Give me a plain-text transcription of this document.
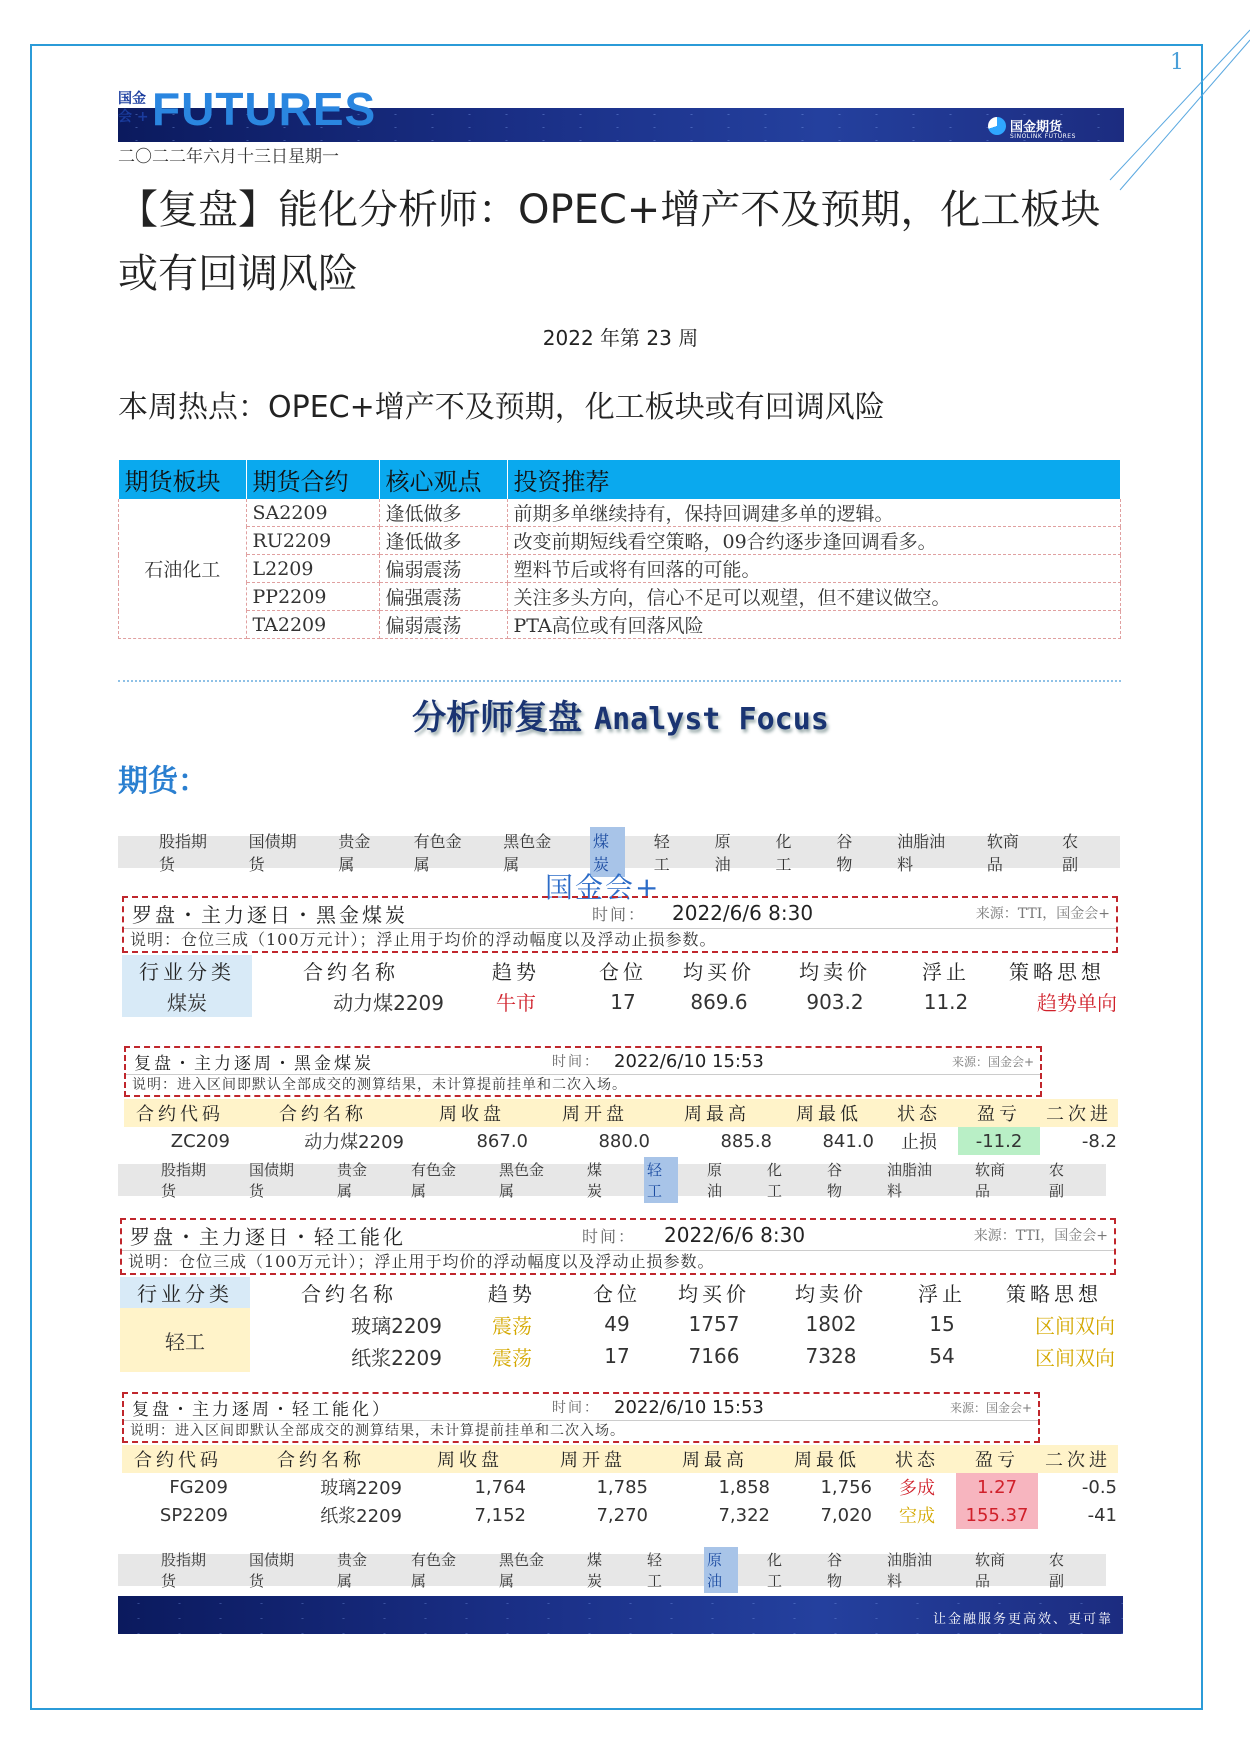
1
国金
会 + FUTURES	国金期货
SINOLINK FUTURES
二〇二二年六月十三日星期一
【复盘】能化分析师：OPEC+增产不及预期，化工板块或有回调风险
2022 年第 23 周
本周热点：OPEC+增产不及预期，化工板块或有回调风险
期货板块	期货合约	核心观点	投资推荐
石油化工	SA2209	逢低做多	前期多单继续持有，保持回调建多单的逻辑。
	RU2209	逢低做多	改变前期短线看空策略，09合约逐步逢回调看多。
	L2209	偏弱震荡	塑料节后或将有回落的可能。
	PP2209	偏强震荡	关注多头方向，信心不足可以观望，但不建议做空。
	TA2209	偏弱震荡	PTA高位或有回落风险
分析师复盘 Analyst Focus
期货：
股指期货
国债期货
贵金属
有色金属
黑色金属
煤炭
轻工
原油
化工
谷物
油脂油料
软商品
农副
国金会+
罗盘・主力逐日・黑金煤炭	时间：	2022/6/6 8:30	来源：TTI，国金会+
说明：仓位三成（100万元计）；浮止用于均价的浮动幅度以及浮动止损参数。
行业分类	合约名称	趋势	仓位	均买价	均卖价	浮止	策略思想
煤炭	动力煤2209	牛市	17	869.6	903.2	11.2	趋势单向
复盘・主力逐周・黑金煤炭	时间： 2022/6/10 15:53	来源：国金会+
说明：进入区间即默认全部成交的测算结果，未计算提前挂单和二次入场。
合约代码	合约名称	周收盘	周开盘	周最高	周最低	状态	盈亏	二次进
ZC209	动力煤2209	867.0	880.0	885.8	841.0	止损	-11.2	-8.2
股指期货
国债期货
贵金属
有色金属
黑色金属
煤炭
轻工
原油
化工
谷物
油脂油料
软商品
农副
罗盘・主力逐日・轻工能化	时间：	2022/6/6 8:30	来源：TTI，国金会+
说明：仓位三成（100万元计）；浮止用于均价的浮动幅度以及浮动止损参数。
行业分类	合约名称	趋势	仓位	均买价	均卖价	浮止	策略思想
轻工	玻璃2209	震荡	49	1757	1802	15	区间双向
	纸浆2209	震荡	17	7166	7328	54	区间双向
复盘・主力逐周・轻工能化）	时间： 2022/6/10 15:53	来源：国金会+
说明：进入区间即默认全部成交的测算结果，未计算提前挂单和二次入场。
合约代码	合约名称	周收盘	周开盘	周最高	周最低	状态	盈亏	二次进
FG209	玻璃2209	1,764	1,785	1,858	1,756	多成	1.27	-0.5
SP2209	纸浆2209	7,152	7,270	7,322	7,020	空成	155.37	-41
股指期货
国债期货
贵金属
有色金属
黑色金属
煤炭
轻工
原油
化工
谷物
油脂油料
软商品
农副
让金融服务更高效、更可靠
